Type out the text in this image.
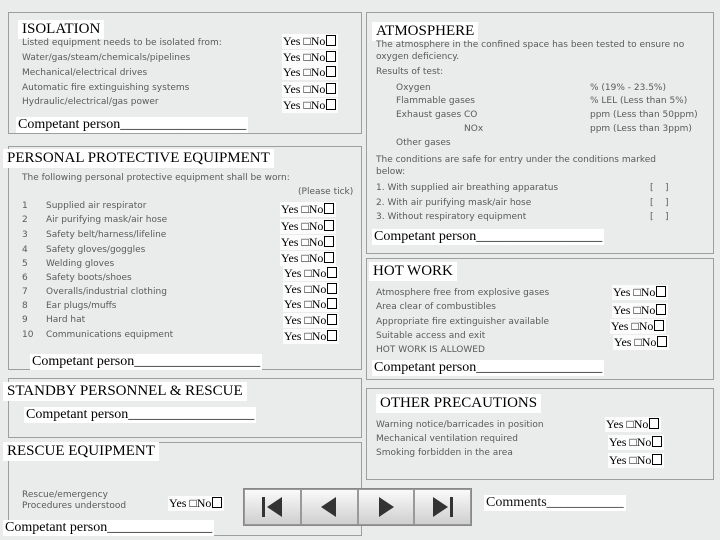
ISOLATION
Listed equipment needs to be isolated from:
Water/gas/steam/chemicals/pipelines
Mechanical/electrical drives
Automatic fire extinguishing systems
Hydraulic/electrical/gas power
Yes □No
Yes □No
Yes □No
Yes □No
Yes □No
Competant person__________________
ATMOSPHERE
The atmosphere in the confined space has been tested to ensure no
oxygen deficiency.
Results of test:
Oxygen
Flammable gases
Exhaust gases CO
NOx
Other gases
% (19% - 23.5%)
% LEL (Less than 5%)
ppm (Less than 50ppm)
ppm (Less than 3ppm)
The conditions are safe for entry under the conditions marked
below:
1. With supplied air breathing apparatus
2. With air purifying mask/air hose
3. Without respiratory equipment
[    ]
[    ]
[    ]
Competant person__________________
PERSONAL PROTECTIVE EQUIPMENT
The following personal protective equipment shall be worn:
(Please tick)
1 Supplied air respirator
2 Air purifying mask/air hose
3 Safety belt/harness/lifeline
4 Safety gloves/goggles
5 Welding gloves
6 Safety boots/shoes
7 Overalls/industrial clothing
8 Ear plugs/muffs
9 Hard hat
10 Communications equipment
Yes □No
Yes □No
Yes □No
Yes □No
Yes □No
Yes □No
Yes □No
Yes □No
Yes □No
Competant person__________________
HOT WORK
Atmosphere free from explosive gases
Area clear of combustibles
Appropriate fire extinguisher available
Suitable access and exit
HOT WORK IS ALLOWED
Yes □No
Yes □No
Yes □No
Yes □No
Competant person__________________
STANDBY PERSONNEL & RESCUE
Competant person__________________
OTHER PRECAUTIONS
Warning notice/barricades in position
Mechanical ventilation required
Smoking forbidden in the area
Yes □No
Yes □No
Yes □No
RESCUE EQUIPMENT
Rescue/emergency
Procedures understood	Yes □No
Competant person_______________
Comments___________
